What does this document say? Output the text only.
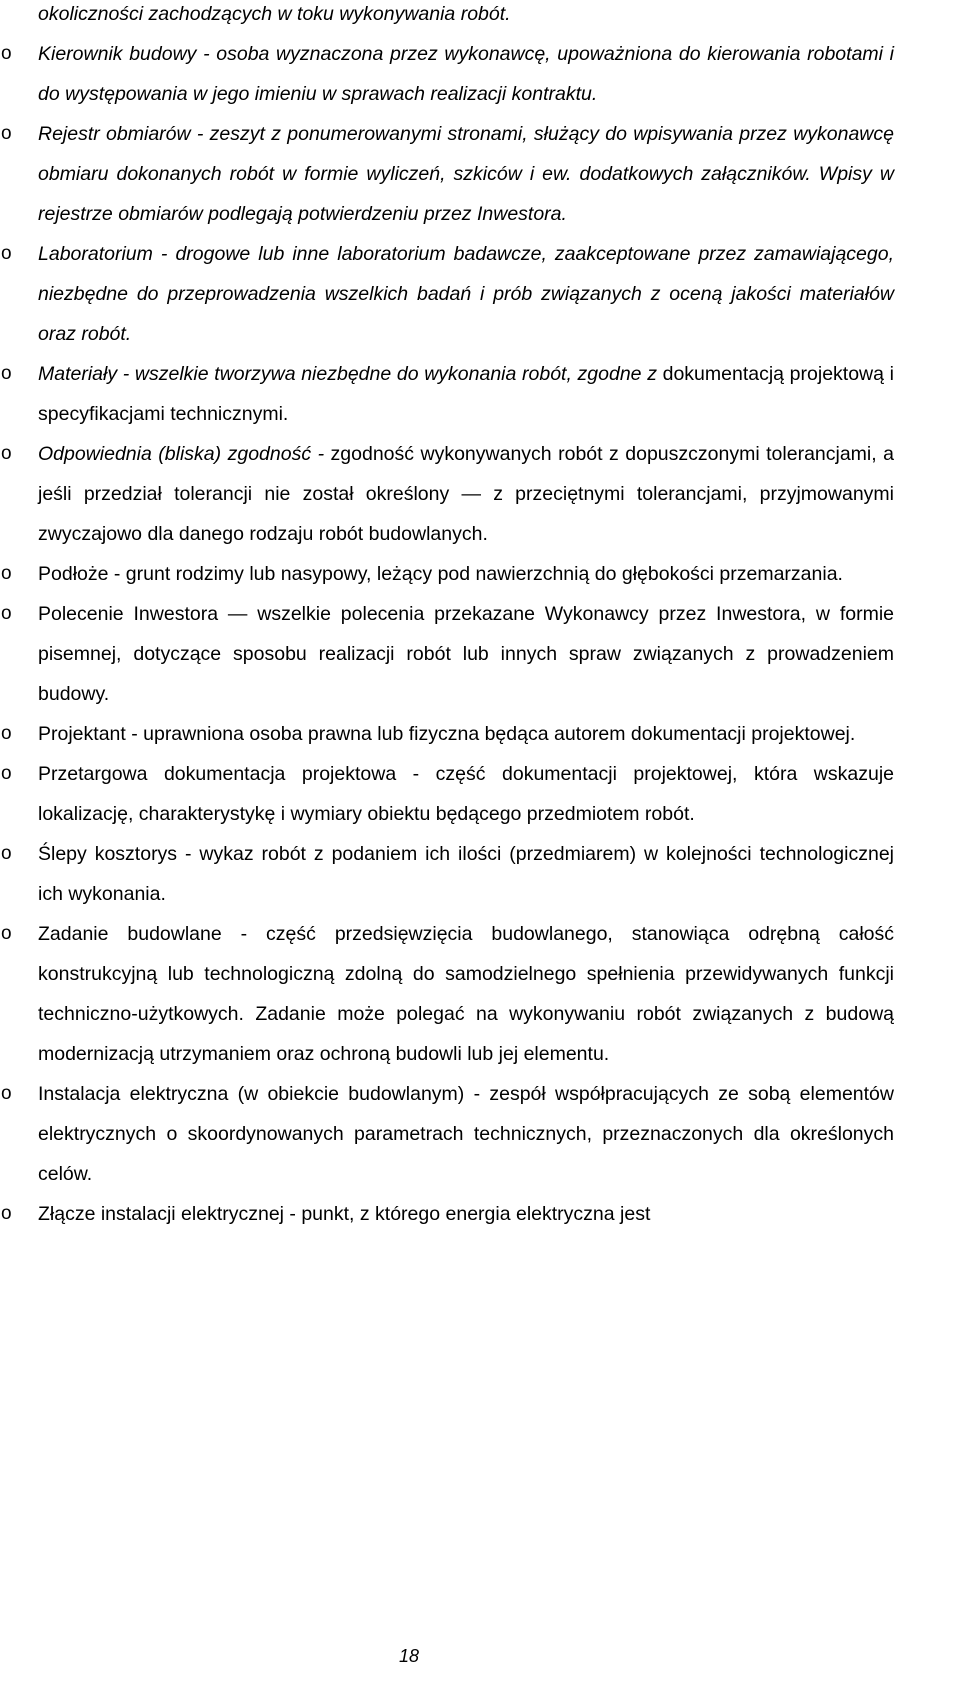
okoliczności zachodzących w toku wykonywania robót.
o Kierownik budowy - osoba wyznaczona przez wykonawcę, upoważniona do kierowania robotami i do występowania w jego imieniu w sprawach realizacji kontraktu.
o Rejestr obmiarów - zeszyt z ponumerowanymi stronami, służący do wpisywania przez wykonawcę obmiaru dokonanych robót w formie wyliczeń, szkiców i ew. dodatkowych załączników. Wpisy w rejestrze obmiarów podlegają potwierdzeniu przez Inwestora.
o Laboratorium - drogowe lub inne laboratorium badawcze, zaakceptowane przez zamawiającego, niezbędne do przeprowadzenia wszelkich badań i prób związanych z oceną jakości materiałów oraz robót.
o Materiały - wszelkie tworzywa niezbędne do wykonania robót, zgodne z dokumentacją projektową i specyfikacjami technicznymi.
o Odpowiednia (bliska) zgodność - zgodność wykonywanych robót z dopuszczonymi tolerancjami, a jeśli przedział tolerancji nie został określony — z przeciętnymi tolerancjami, przyjmowanymi zwyczajowo dla danego rodzaju robót budowlanych.
o Podłoże - grunt rodzimy lub nasypowy, leżący pod nawierzchnią do głębokości przemarzania.
o Polecenie Inwestora — wszelkie polecenia przekazane Wykonawcy przez Inwestora, w formie pisemnej, dotyczące sposobu realizacji robót lub innych spraw związanych z prowadzeniem budowy.
o Projektant - uprawniona osoba prawna lub fizyczna będąca autorem dokumentacji projektowej.
o Przetargowa dokumentacja projektowa - część dokumentacji projektowej, która wskazuje lokalizację, charakterystykę i wymiary obiektu będącego przedmiotem robót.
o Ślepy kosztorys - wykaz robót z podaniem ich ilości (przedmiarem) w kolejności technologicznej ich wykonania.
o Zadanie budowlane - część przedsięwzięcia budowlanego, stanowiąca odrębną całość konstrukcyjną lub technologiczną zdolną do samodzielnego spełnienia przewidywanych funkcji techniczno-użytkowych. Zadanie może polegać na wykonywaniu robót związanych z budową modernizacją utrzymaniem oraz ochroną budowli lub jej elementu.
o Instalacja elektryczna (w obiekcie budowlanym) - zespół współpracujących ze sobą elementów elektrycznych o skoordynowanych parametrach technicznych, przeznaczonych dla określonych celów.
o Złącze instalacji elektrycznej - punkt, z którego energia elektryczna jest
18
